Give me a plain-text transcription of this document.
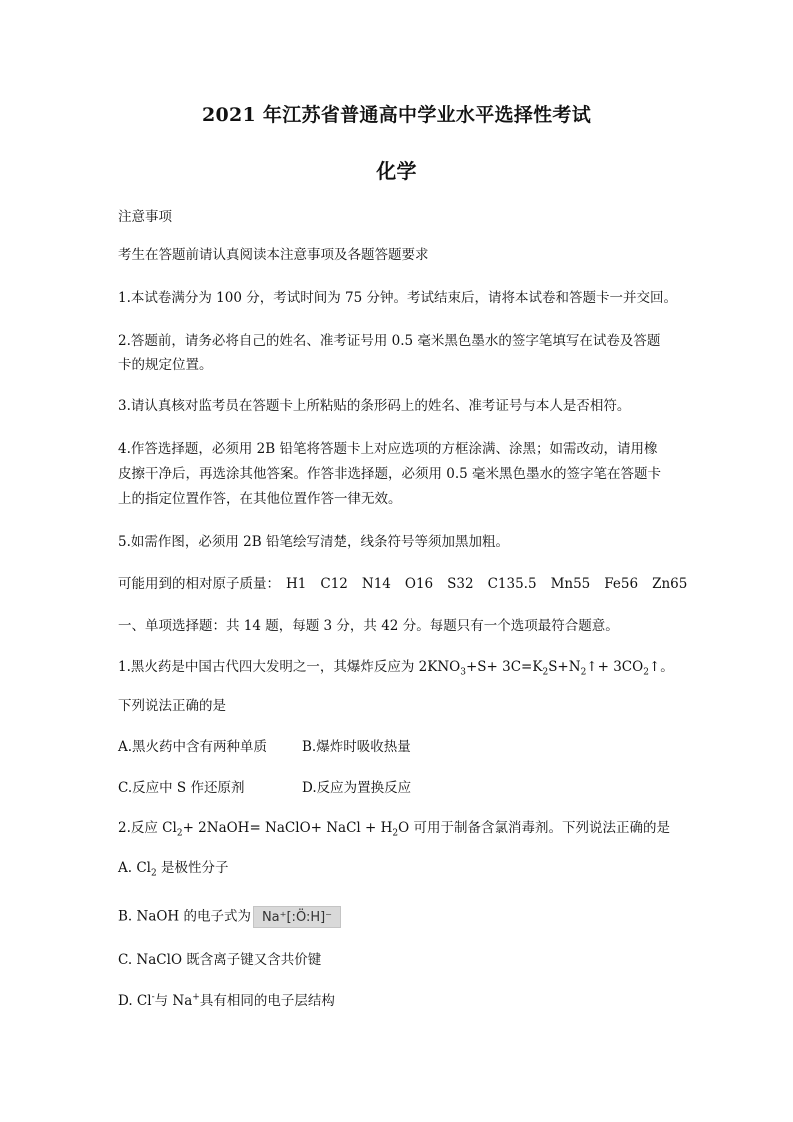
2021 年江苏省普通高中学业水平选择性考试
化学
注意事项
考生在答题前请认真阅读本注意事项及各题答题要求
1.本试卷满分为 100 分，考试时间为 75 分钟。考试结束后，请将本试卷和答题卡一并交回。
2.答题前，请务必将自己的姓名、准考证号用 0.5 毫米黑色墨水的签字笔填写在试卷及答题
卡的规定位置。
3.请认真核对监考员在答题卡上所粘贴的条形码上的姓名、准考证号与本人是否相符。
4.作答选择题，必须用 2B 铅笔将答题卡上对应选项的方框涂满、涂黑；如需改动，请用橡
皮擦干净后，再选涂其他答案。作答非选择题，必须用 0.5 毫米黑色墨水的签字笔在答题卡
上的指定位置作答，在其他位置作答一律无效。
5.如需作图，必须用 2B 铅笔绘写清楚，线条符号等须加黑加粗。
可能用到的相对原子质量： H1 C12 N14 O16 S32 C135.5 Mn55 Fe56 Zn65
一、单项选择题：共 14 题，每题 3 分，共 42 分。每题只有一个选项最符合题意。
1.黑火药是中国古代四大发明之一，其爆炸反应为 $2KNO_3+S+$ $3C=K_2S+N_2↑+$ $3CO_2↑$。
下列说法正确的是
A.黑火药中含有两种单质	B.爆炸时吸收热量
C.反应中 S 作还原剂	D.反应为置换反应
2.反应 $Cl_2+$ 2NaOH= NaClO+ NaCl + $H_2O$ 可用于制备含氯消毒剂。下列说法正确的是
A. $Cl_2$ 是极性分子
B. NaOH 的电子式为 Na⁺[:Ö:H]⁻
C. NaClO 既含离子键又含共价键
D. Cl-与 Na+具有相同的电子层结构
